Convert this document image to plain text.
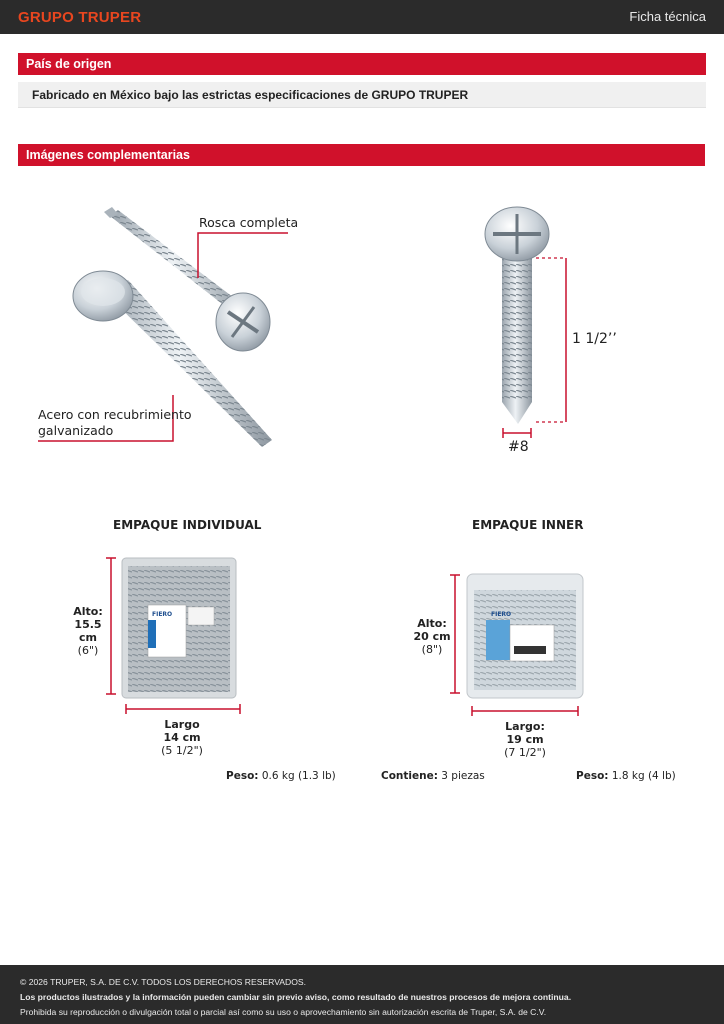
GRUPO TRUPER	Ficha técnica
País de origen
Fabricado en México bajo las estrictas especificaciones de GRUPO TRUPER
Imágenes complementarias
FIERO	FIERO
Rosca completa
Acero con recubrimiento
galvanizado
1 1/2’’
#8
EMPAQUE INDIVIDUAL
Alto:
15.5 cm
(6")
Largo
14 cm
(5 1/2")
Peso: 0.6 kg (1.3 lb)
EMPAQUE INNER
Alto:
20 cm
(8")
Largo:
19 cm
(7 1/2")
Contiene: 3 piezas	Peso: 1.8 kg (4 lb)
© 2026 TRUPER, S.A. DE C.V. TODOS LOS DERECHOS RESERVADOS.
Los productos ilustrados y la información pueden cambiar sin previo aviso, como resultado de nuestros procesos de mejora continua.
Prohibida su reproducción o divulgación total o parcial así como su uso o aprovechamiento sin autorización escrita de Truper, S.A. de C.V.
